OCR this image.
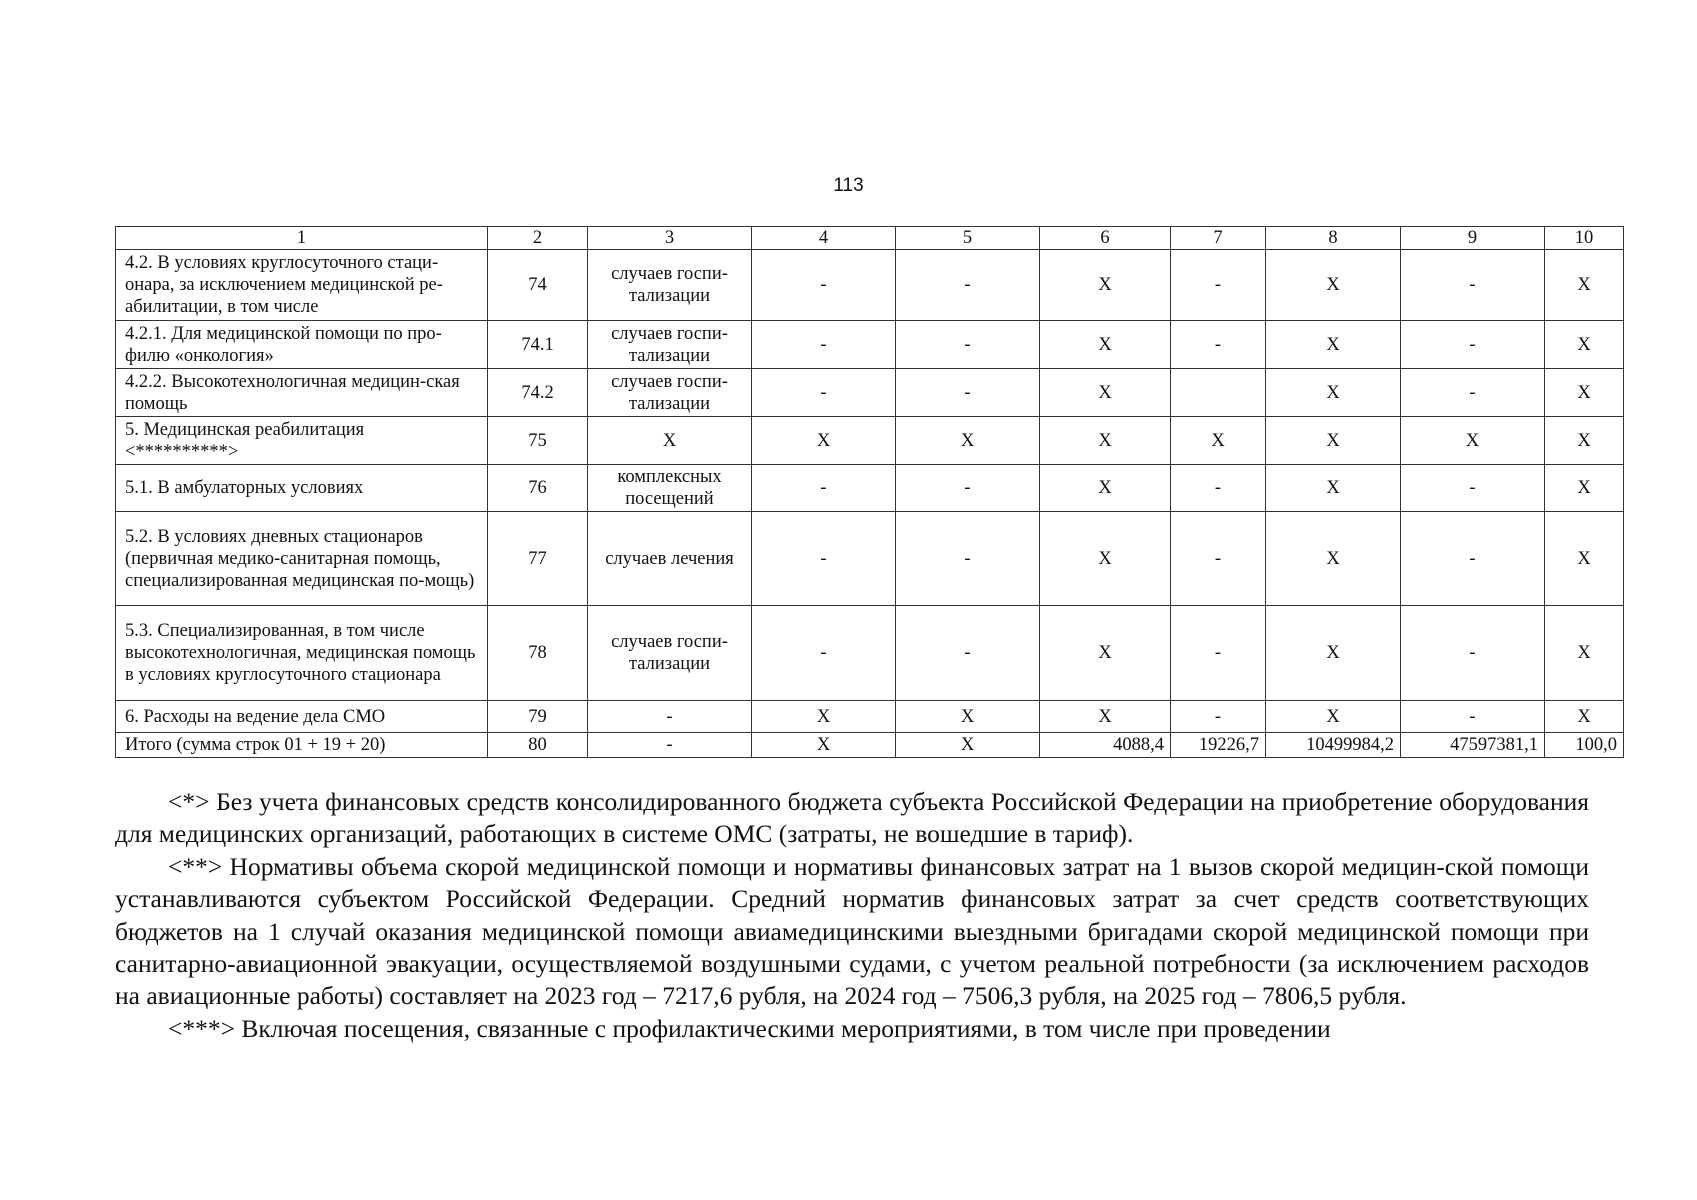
113
1	2	3	4	5	6	7	8	9	10
4.2. В условиях круглосуточного стаци-онара, за исключением медицинской ре-абилитации, в том числе	74	случаев госпи-тализации	-	-	Х	-	Х	-	Х
4.2.1. Для медицинской помощи по про-филю «онкология»	74.1	случаев госпи-тализации	-	-	Х	-	Х	-	Х
4.2.2. Высокотехнологичная медицин-ская помощь	74.2	случаев госпи-тализации	-	-	Х		Х	-	Х
5. Медицинская реабилитация <**********>	75	Х	Х	Х	Х	Х	Х	Х	Х
5.1. В амбулаторных условиях	76	комплексных посещений	-	-	Х	-	Х	-	Х
5.2. В условиях дневных стационаров (первичная медико-санитарная помощь, специализированная медицинская по-мощь)	77	случаев лечения	-	-	Х	-	Х	-	Х
5.3. Специализированная, в том числе высокотехнологичная, медицинская помощь в условиях круглосуточного стационара	78	случаев госпи-тализации	-	-	Х	-	Х	-	Х
6. Расходы на ведение дела СМО	79	-	Х	Х	Х	-	Х	-	Х
Итого (сумма строк 01 + 19 + 20)	80	-	Х	Х	4088,4	19226,7	10499984,2	47597381,1	100,0

<*> Без учета финансовых средств консолидированного бюджета субъекта Российской Федерации на приобретение оборудования для медицинских организаций, работающих в системе ОМС (затраты, не вошедшие в тариф).

<**> Нормативы объема скорой медицинской помощи и нормативы финансовых затрат на 1 вызов скорой медицин-ской помощи устанавливаются субъектом Российской Федерации. Средний норматив финансовых затрат за счет средств соответствующих бюджетов на 1 случай оказания медицинской помощи авиамедицинскими выездными бригадами скорой медицинской помощи при санитарно-авиационной эвакуации, осуществляемой воздушными судами, с учетом реальной потребности (за исключением расходов на авиационные работы) составляет на 2023 год – 7217,6 рубля, на 2024 год – 7506,3 рубля, на 2025 год – 7806,5 рубля.

<***> Включая посещения, связанные с профилактическими мероприятиями, в том числе при проведении
